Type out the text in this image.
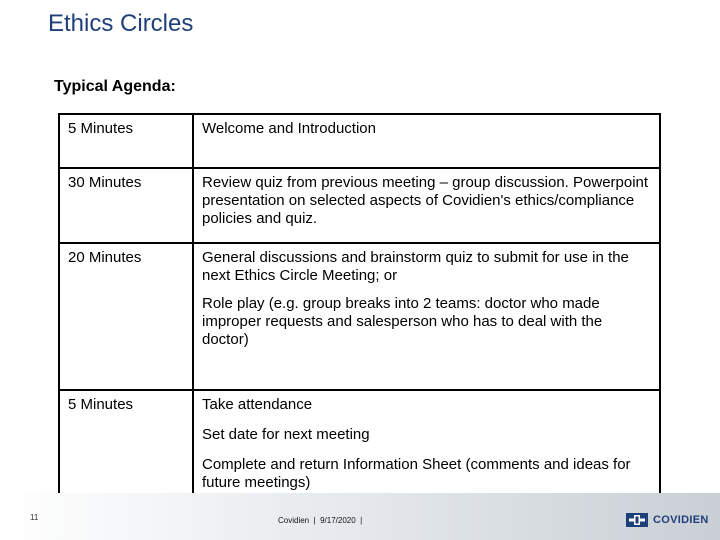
Ethics Circles
Typical Agenda:
5 Minutes	Welcome and Introduction

30 Minutes	Review quiz from previous meeting – group discussion. Powerpoint presentation on selected aspects of Covidien's ethics/compliance policies and quiz.

20 Minutes	General discussions and brainstorm quiz to submit for use in the next Ethics Circle Meeting; or

Role play (e.g. group breaks into 2 teams: doctor who made improper requests and salesperson who has to deal with the doctor)

5 Minutes	Take attendance

Set date for next meeting

Complete and return Information Sheet (comments and ideas for future meetings)

11	Covidien  |  9/17/2020  |	COVIDIEN
